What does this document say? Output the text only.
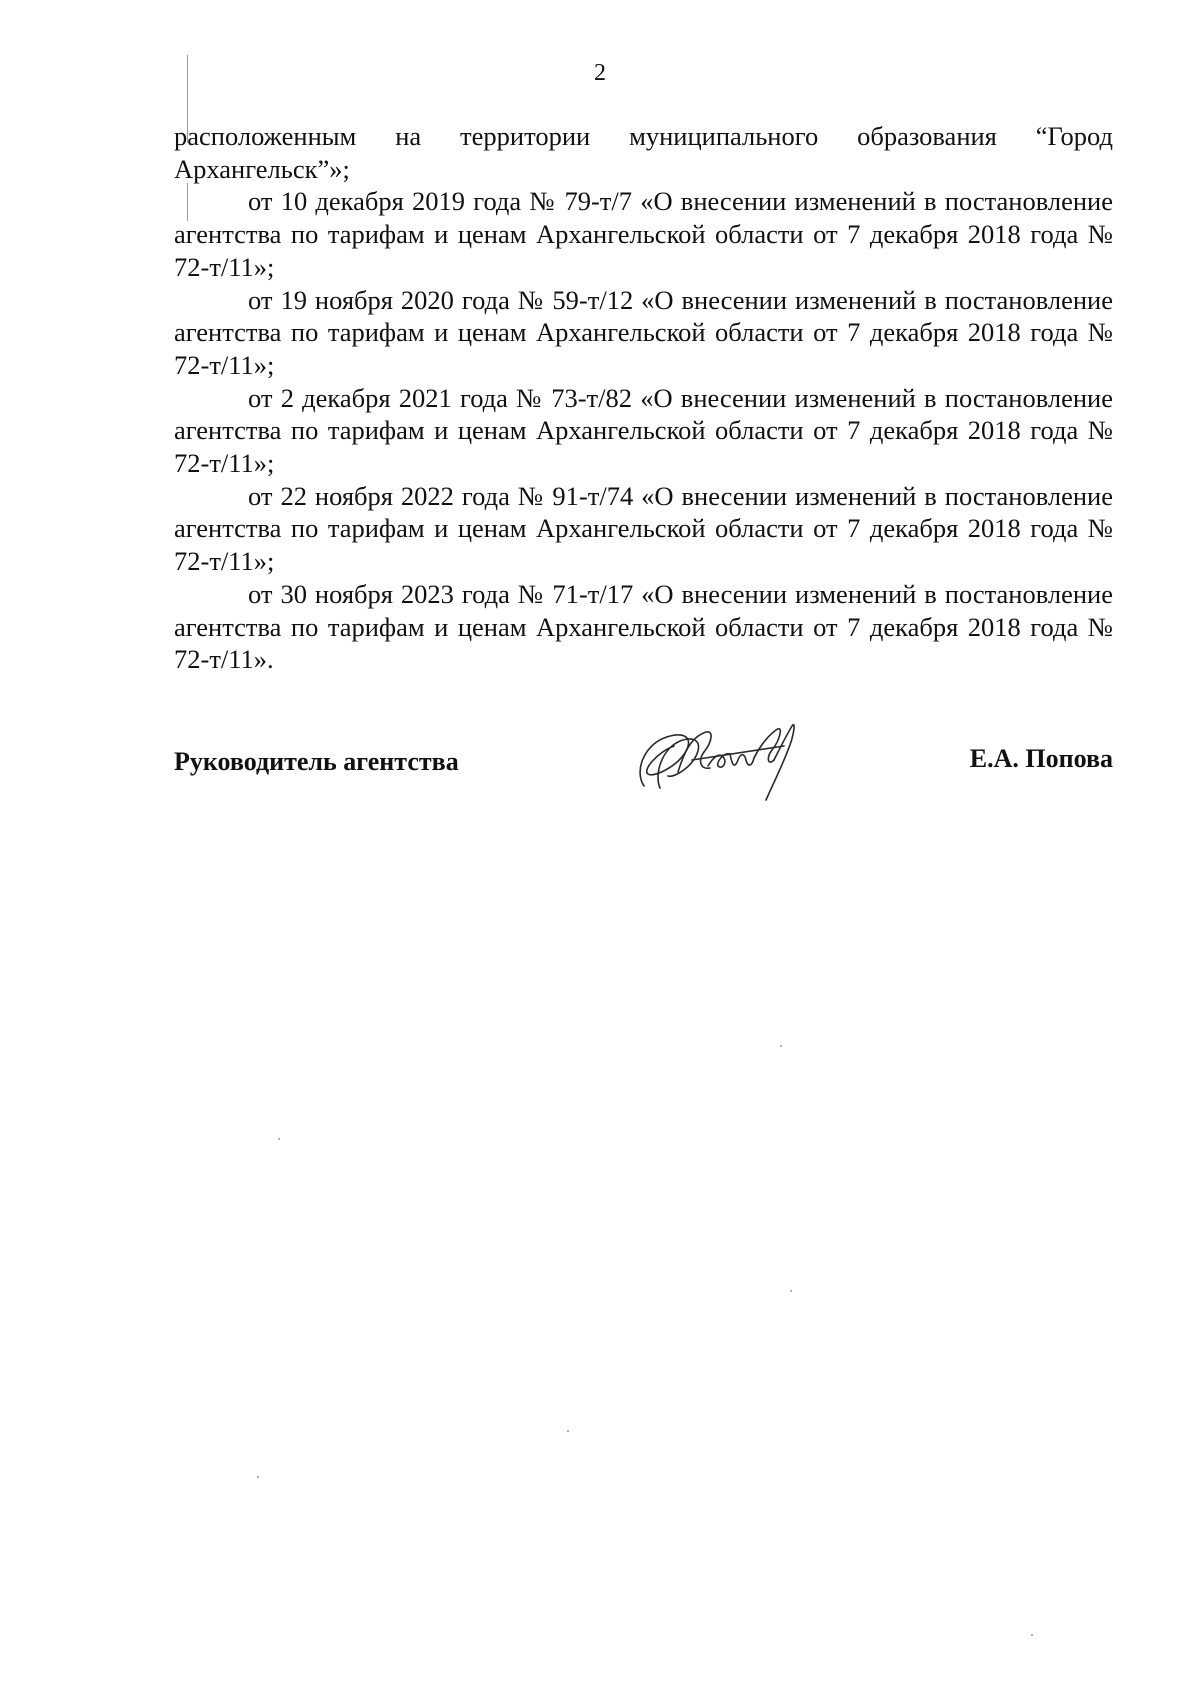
2

расположенным на территории муниципального образования “Город Архангельск”»;

от 10 декабря 2019 года № 79-т/7 «О внесении изменений в постановление агентства по тарифам и ценам Архангельской области от 7 декабря 2018 года № 72-т/11»;

от 19 ноября 2020 года № 59-т/12 «О внесении изменений в постановление агентства по тарифам и ценам Архангельской области от 7 декабря 2018 года № 72-т/11»;

от 2 декабря 2021 года № 73-т/82 «О внесении изменений в постановление агентства по тарифам и ценам Архангельской области от 7 декабря 2018 года № 72-т/11»;

от 22 ноября 2022 года № 91-т/74 «О внесении изменений в постановление агентства по тарифам и ценам Архангельской области от 7 декабря 2018 года № 72-т/11»;

от 30 ноября 2023 года № 71-т/17 «О внесении изменений в постановление агентства по тарифам и ценам Архангельской области от 7 декабря 2018 года № 72-т/11».

Руководитель агентства	Е.А. Попова
